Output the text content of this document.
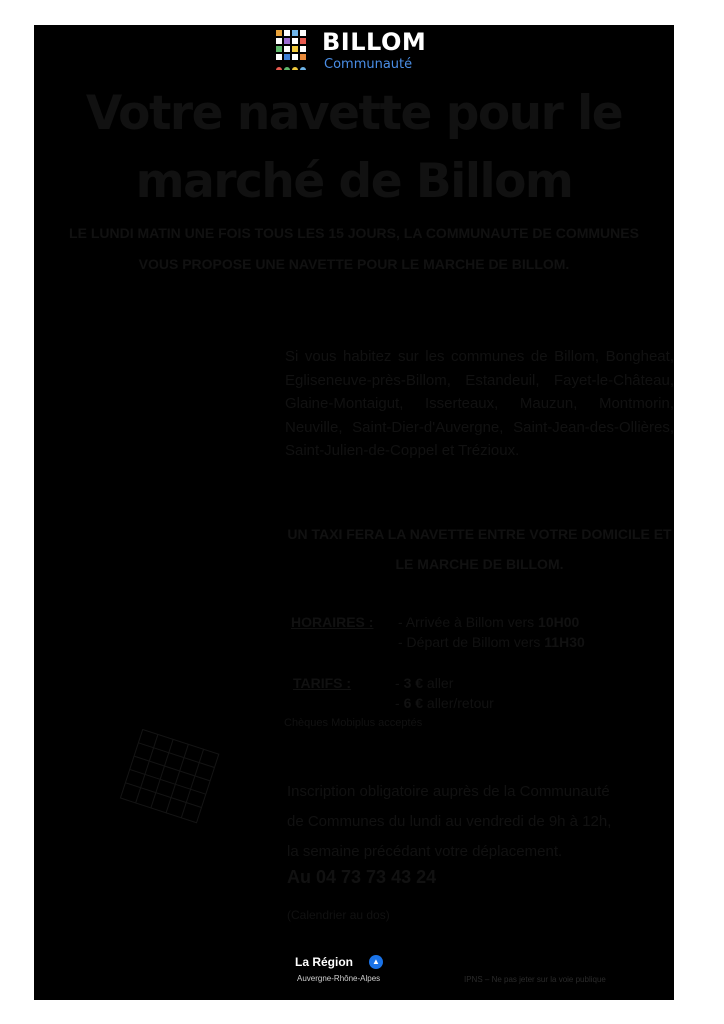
BILLOM
Communauté
Votre navette pour le
marché de Billom
LE LUNDI MATIN UNE FOIS TOUS LES 15 JOURS, LA COMMUNAUTE DE COMMUNES VOUS PROPOSE UNE NAVETTE POUR LE MARCHE DE BILLOM.
Si vous habitez sur les communes de Billom, Bongheat, Egliseneuve-près-Billom, Estandeuil, Fayet-le-Château, Glaine-Montaigut, Isserteaux, Mauzun, Montmorin, Neuville, Saint-Dier-d'Auvergne, Saint-Jean-des-Ollières, Saint-Julien-de-Coppel et Trézioux.
UN TAXI FERA LA NAVETTE ENTRE VOTRE DOMICILE ET LE MARCHE DE BILLOM.
HORAIRES : - Arrivée à Billom vers 10H00
- Départ de Billom vers 11H30
TARIFS :	- 3 € aller
- 6 € aller/retour
Chèques Mobiplus acceptés
Inscription obligatoire auprès de la Communauté
de Communes du lundi au vendredi de 9h à 12h,
la semaine précédant votre déplacement.
Au 04 73 73 43 24
(Calendrier au dos)
La Région	▲
Auvergne-Rhône-Alpes	IPNS – Ne pas jeter sur la voie publique
